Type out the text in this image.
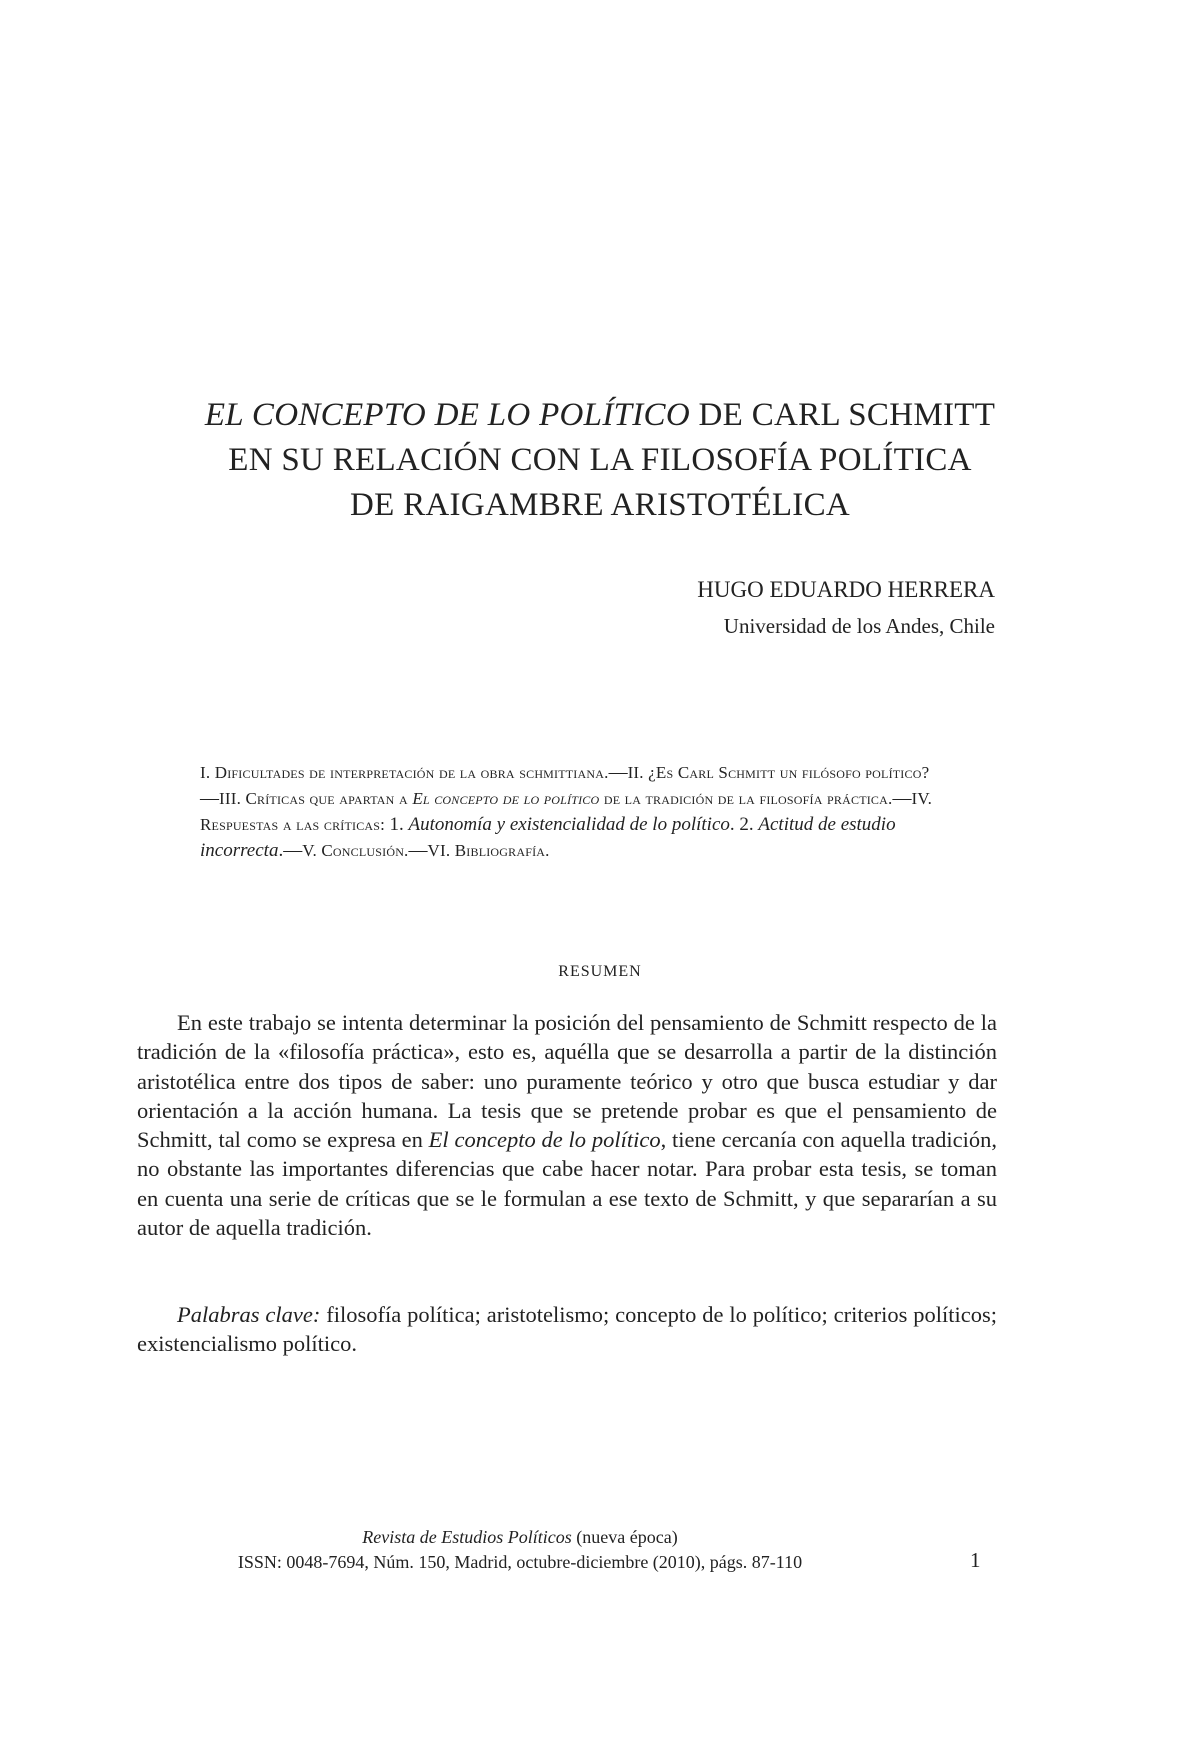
EL CONCEPTO DE LO POLÍTICO DE CARL SCHMITT
EN SU RELACIÓN CON LA FILOSOFÍA POLÍTICA
DE RAIGAMBRE ARISTOTÉLICA
HUGO EDUARDO HERRERA
Universidad de los Andes, Chile
I. Dificultades de interpretación de la obra schmittiana.—II. ¿Es Carl Schmitt un filósofo político?—III. Críticas que apartan a El concepto de lo político de la tradición de la filosofía práctica.—IV. Respuestas a las críticas: 1. Autonomía y existencialidad de lo político. 2. Actitud de estudio incorrecta.—V. Conclusión.—VI. Bibliografía.
RESUMEN

En este trabajo se intenta determinar la posición del pensamiento de Schmitt respecto de la tradición de la «filosofía práctica», esto es, aquélla que se desarrolla a partir de la distinción aristotélica entre dos tipos de saber: uno puramente teórico y otro que busca estudiar y dar orientación a la acción humana. La tesis que se pretende probar es que el pensamiento de Schmitt, tal como se expresa en El concepto de lo político, tiene cercanía con aquella tradición, no obstante las importantes diferencias que cabe hacer notar. Para probar esta tesis, se toman en cuenta una serie de críticas que se le formulan a ese texto de Schmitt, y que separarían a su autor de aquella tradición.

Palabras clave: filosofía política; aristotelismo; concepto de lo político; criterios políticos; existencialismo político.

Revista de Estudios Políticos (nueva época)
ISSN: 0048-7694, Núm. 150, Madrid, octubre-diciembre (2010), págs. 87-110	1
